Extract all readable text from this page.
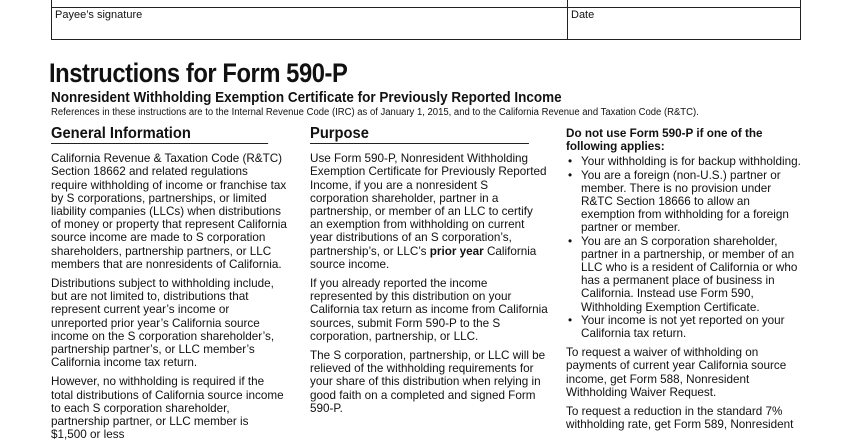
Payee’s signature	Date
Instructions for Form 590-P
Nonresident Withholding Exemption Certificate for Previously Reported Income
References in these instructions are to the Internal Revenue Code (IRC) as of January 1, 2015, and to the California Revenue and Taxation Code (R&TC).
General Information

California Revenue & Taxation Code (R&TC) Section 18662 and related regulations require withholding of income or franchise tax by S corporations, partnerships, or limited liability companies (LLCs) when distributions of money or property that represent California source income are made to S corporation shareholders, partnership partners, or LLC members that are nonresidents of California.

Distributions subject to withholding include, but are not limited to, distributions that represent current year’s income or unreported prior year’s California source income on the S corporation shareholder’s, partnership partner’s, or LLC member’s California income tax return.

However, no withholding is required if the total distributions of California source income to each S corporation shareholder, partnership partner, or LLC member is $1,500 or less

Purpose

Use Form 590-P, Nonresident Withholding Exemption Certificate for Previously Reported Income, if you are a nonresident S corporation shareholder, partner in a partnership, or member of an LLC to certify an exemption from withholding on current year distributions of an S corporation’s, partnership’s, or LLC’s prior year California source income.

If you already reported the income represented by this distribution on your California tax return as income from California sources, submit Form 590-P to the S corporation, partnership, or LLC.

The S corporation, partnership, or LLC will be relieved of the withholding requirements for your share of this distribution when relying in good faith on a completed and signed Form 590-P.

Do not use Form 590-P if one of the following applies:

• Your withholding is for backup withholding.
• You are a foreign (non-U.S.) partner or member. There is no provision under R&TC Section 18666 to allow an exemption from withholding for a foreign partner or member.
• You are an S corporation shareholder, partner in a partnership, or member of an LLC who is a resident of California or who has a permanent place of business in California. Instead use Form 590, Withholding Exemption Certificate.
• Your income is not yet reported on your California tax return.

To request a waiver of withholding on payments of current year California source income, get Form 588, Nonresident Withholding Waiver Request.

To request a reduction in the standard 7% withholding rate, get Form 589, Nonresident
